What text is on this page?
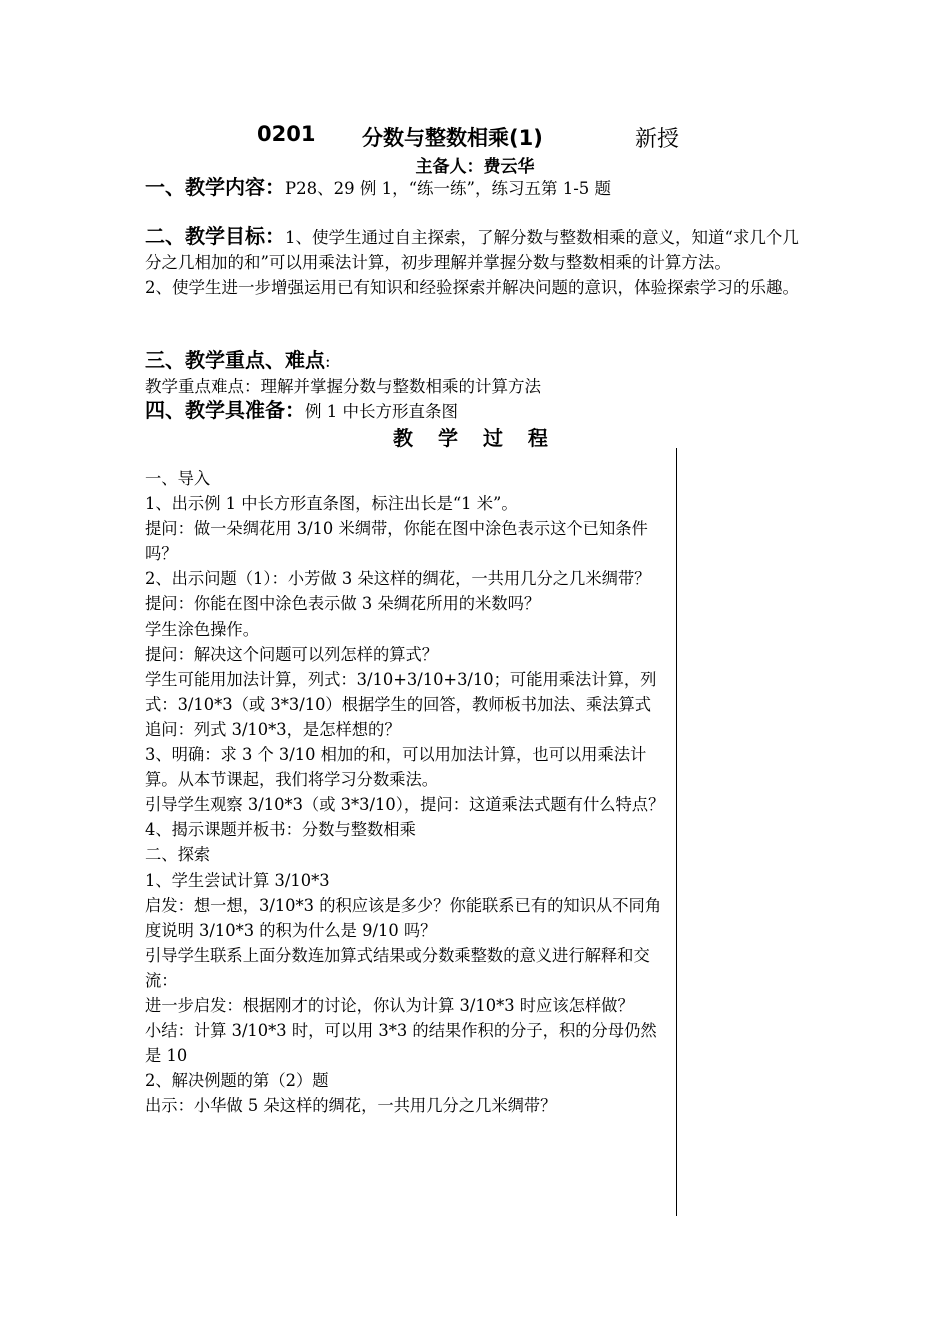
0201 分数与整数相乘(1)	新授
主备人：费云华

一、教学内容：P28、29 例 1，“练一练”，练习五第 1-5 题

二、教学目标：1、使学生通过自主探索，了解分数与整数相乘的意义，知道“求几个几分之几相加的和”可以用乘法计算，初步理解并掌握分数与整数相乘的计算方法。

2、使学生进一步增强运用已有知识和经验探索并解决问题的意识，体验探索学习的乐趣。

三、教学重点、难点:

教学重点难点：理解并掌握分数与整数相乘的计算方法

四、教学具准备：例 1 中长方形直条图

教 学 过 程
一、导入
1、出示例 1 中长方形直条图，标注出长是“1 米”。
提问：做一朵绸花用 3/10 米绸带，你能在图中涂色表示这个已知条件吗？
2、出示问题（1）：小芳做 3 朵这样的绸花，一共用几分之几米绸带？
提问：你能在图中涂色表示做 3 朵绸花所用的米数吗？
学生涂色操作。
提问：解决这个问题可以列怎样的算式？
学生可能用加法计算，列式：3/10+3/10+3/10；可能用乘法计算，列式：3/10*3（或 3*3/10）根据学生的回答，教师板书加法、乘法算式
追问：列式 3/10*3，是怎样想的？
3、明确：求 3 个 3/10 相加的和，可以用加法计算，也可以用乘法计算。从本节课起，我们将学习分数乘法。
引导学生观察 3/10*3（或 3*3/10），提问：这道乘法式题有什么特点？
4、揭示课题并板书：分数与整数相乘
二、探索
1、学生尝试计算 3/10*3
启发：想一想，3/10*3 的积应该是多少？你能联系已有的知识从不同角度说明 3/10*3 的积为什么是 9/10 吗？
引导学生联系上面分数连加算式结果或分数乘整数的意义进行解释和交流：
进一步启发：根据刚才的讨论，你认为计算 3/10*3 时应该怎样做？
小结：计算 3/10*3 时，可以用 3*3 的结果作积的分子，积的分母仍然是 10
2、解决例题的第（2）题
出示：小华做 5 朵这样的绸花，一共用几分之几米绸带？
